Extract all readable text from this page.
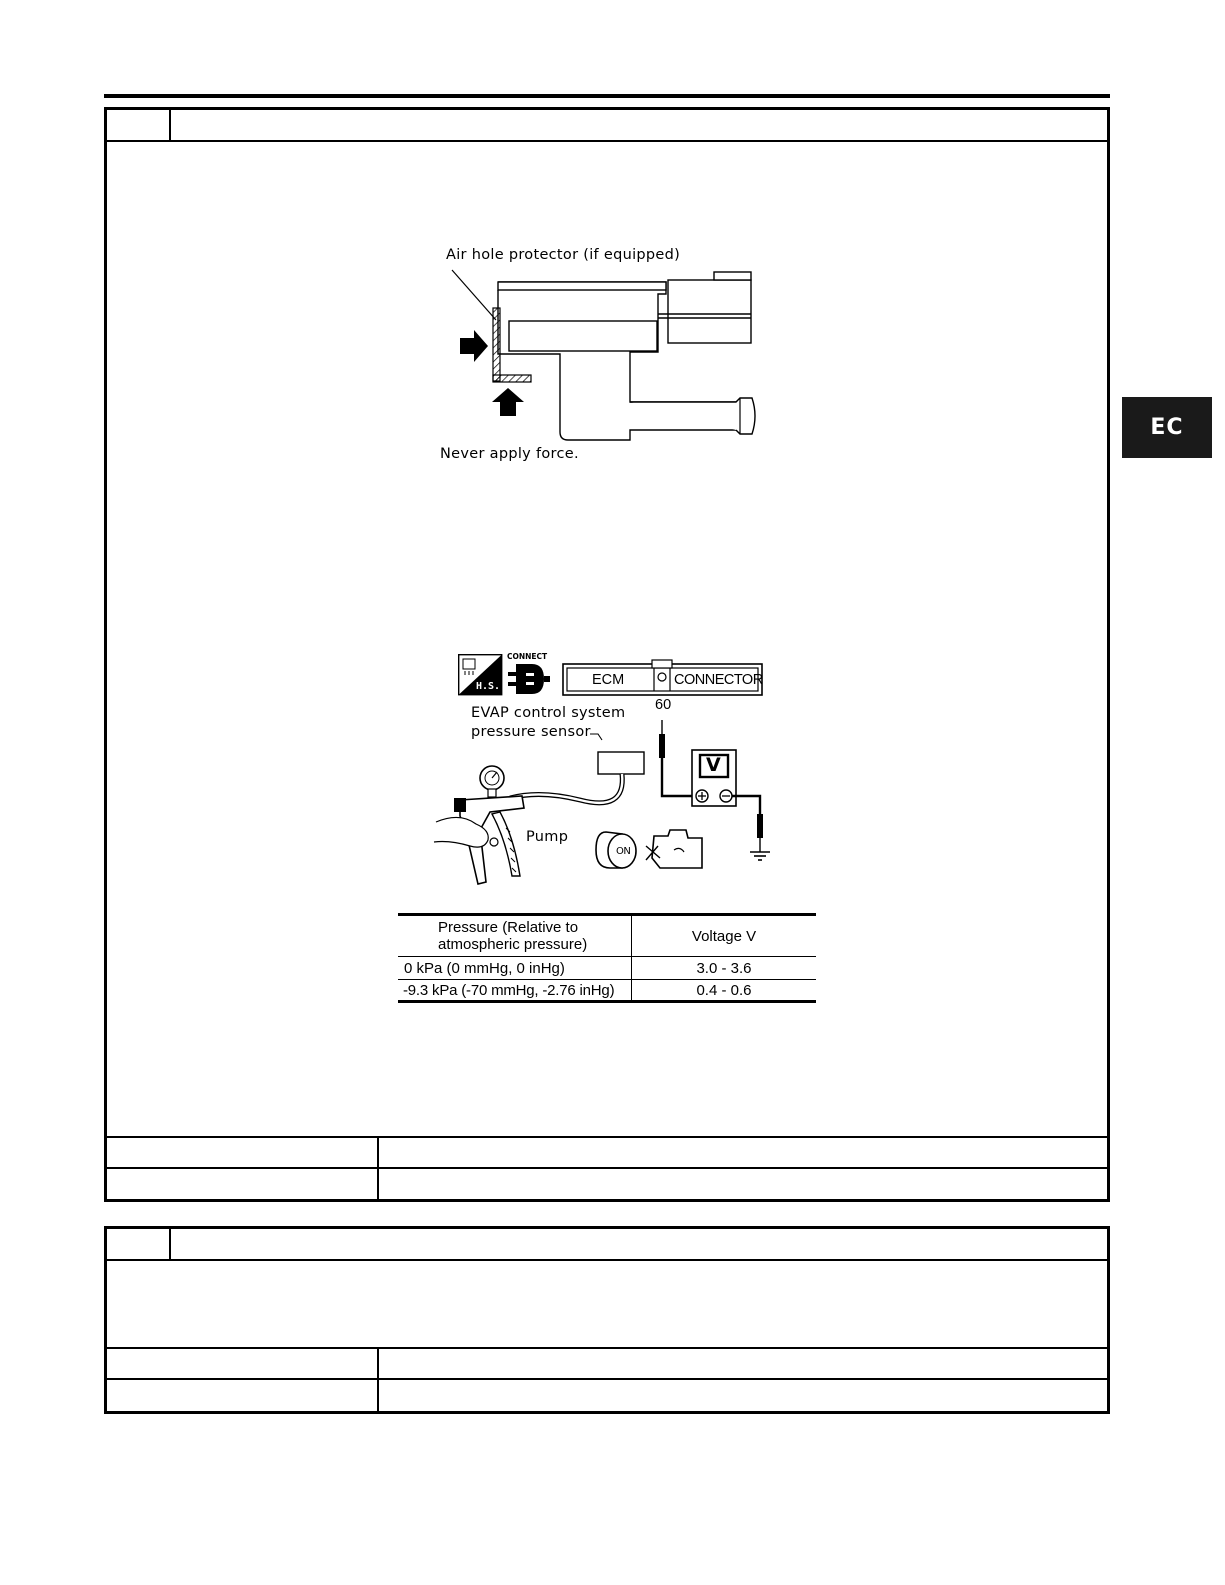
EC
Air hole protector (if equipped)
Never apply force.
H.S.
CONNECT
ECM	CONNECTOR
60
EVAP control system
pressure sensor
Pump
V
ON
Pressure (Relative to
atmospheric pressure)	Voltage V
0 kPa (0 mmHg, 0 inHg)	3.0 - 3.6
-9.3 kPa (-70 mmHg, -2.76 inHg)	0.4 - 0.6
